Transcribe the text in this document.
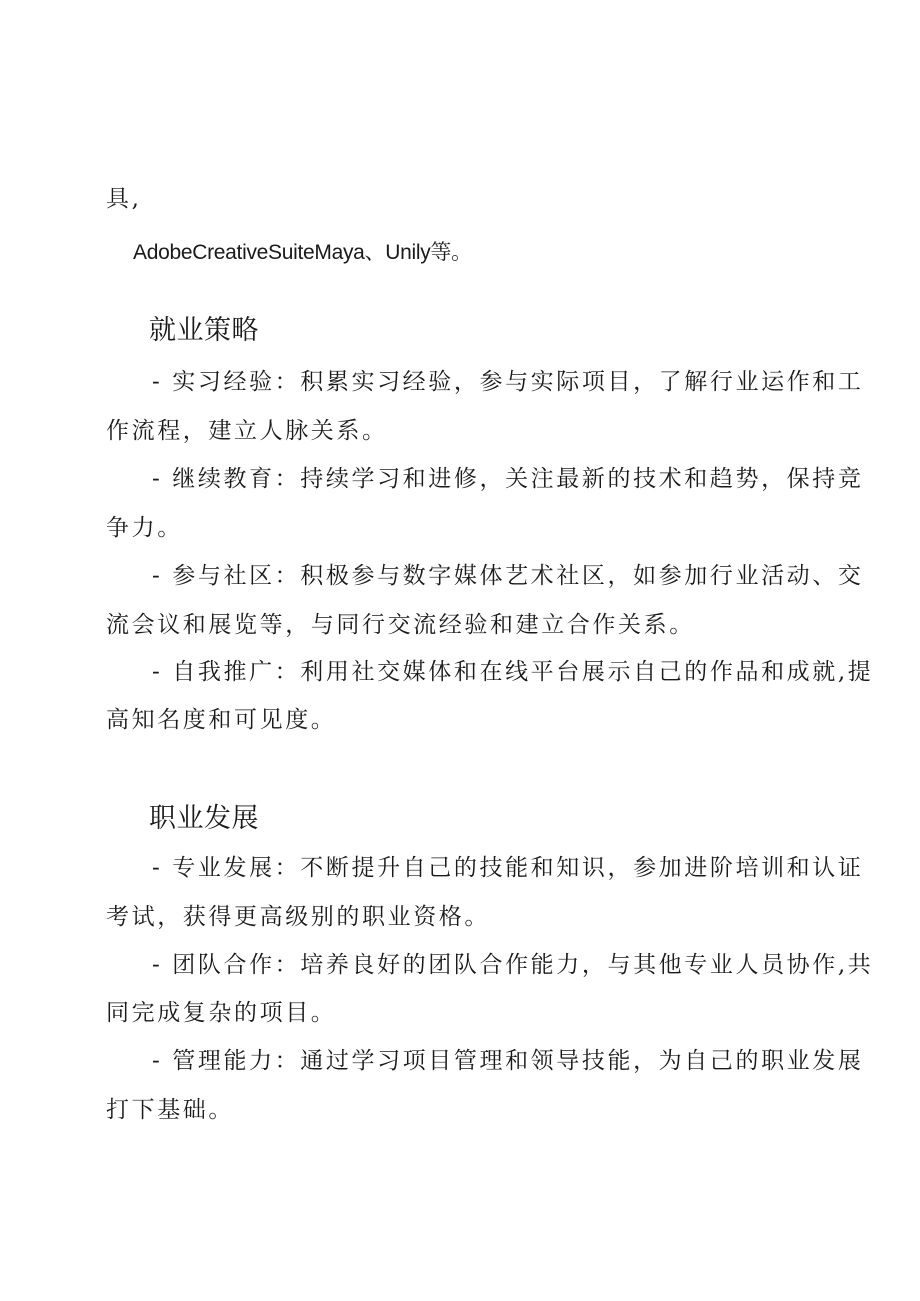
具,

AdobeCreativeSuiteMaya、Unily等。

就业策略

- 实习经验：积累实习经验，参与实际项目，了解行业运作和工

作流程，建立人脉关系。

- 继续教育：持续学习和进修，关注最新的技术和趋势，保持竞

争力。

- 参与社区：积极参与数字媒体艺术社区，如参加行业活动、交

流会议和展览等，与同行交流经验和建立合作关系。

- 自我推广：利用社交媒体和在线平台展示自己的作品和成就,提

高知名度和可见度。

职业发展

- 专业发展：不断提升自己的技能和知识，参加进阶培训和认证

考试，获得更高级别的职业资格。

- 团队合作：培养良好的团队合作能力，与其他专业人员协作,共

同完成复杂的项目。

- 管理能力：通过学习项目管理和领导技能，为自己的职业发展

打下基础。
